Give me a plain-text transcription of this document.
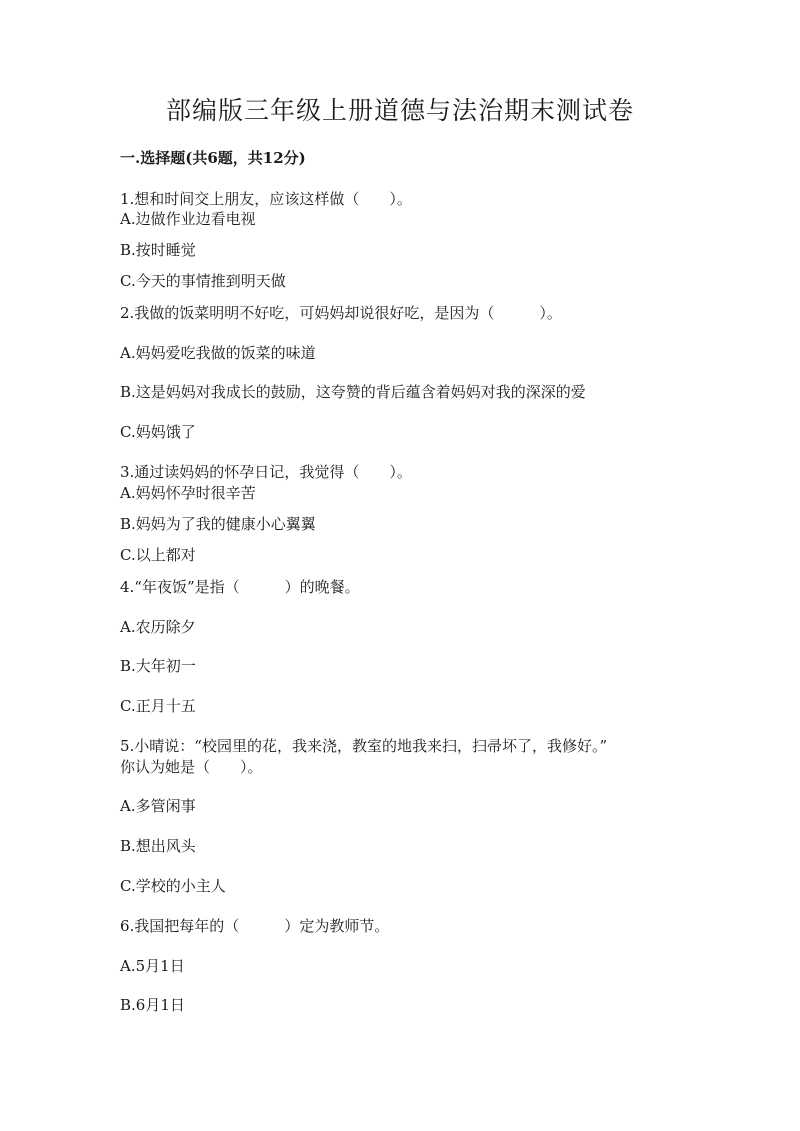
部编版三年级上册道德与法治期末测试卷
一.选择题(共6题，共12分)
1.想和时间交上朋友，应该这样做（　　）。
A.边做作业边看电视
B.按时睡觉
C.今天的事情推到明天做
2.我做的饭菜明明不好吃，可妈妈却说很好吃，是因为（　　　）。
A.妈妈爱吃我做的饭菜的味道
B.这是妈妈对我成长的鼓励，这夸赞的背后蕴含着妈妈对我的深深的爱
C.妈妈饿了
3.通过读妈妈的怀孕日记，我觉得（　　）。
A.妈妈怀孕时很辛苦
B.妈妈为了我的健康小心翼翼
C.以上都对
4.“年夜饭”是指（　　　）的晚餐。
A.农历除夕
B.大年初一
C.正月十五
5.小晴说：“校园里的花，我来浇，教室的地我来扫，扫帚坏了，我修好。”
你认为她是（　　）。
A.多管闲事
B.想出风头
C.学校的小主人
6.我国把每年的（　　　）定为教师节。
A.5月1日
B.6月1日
